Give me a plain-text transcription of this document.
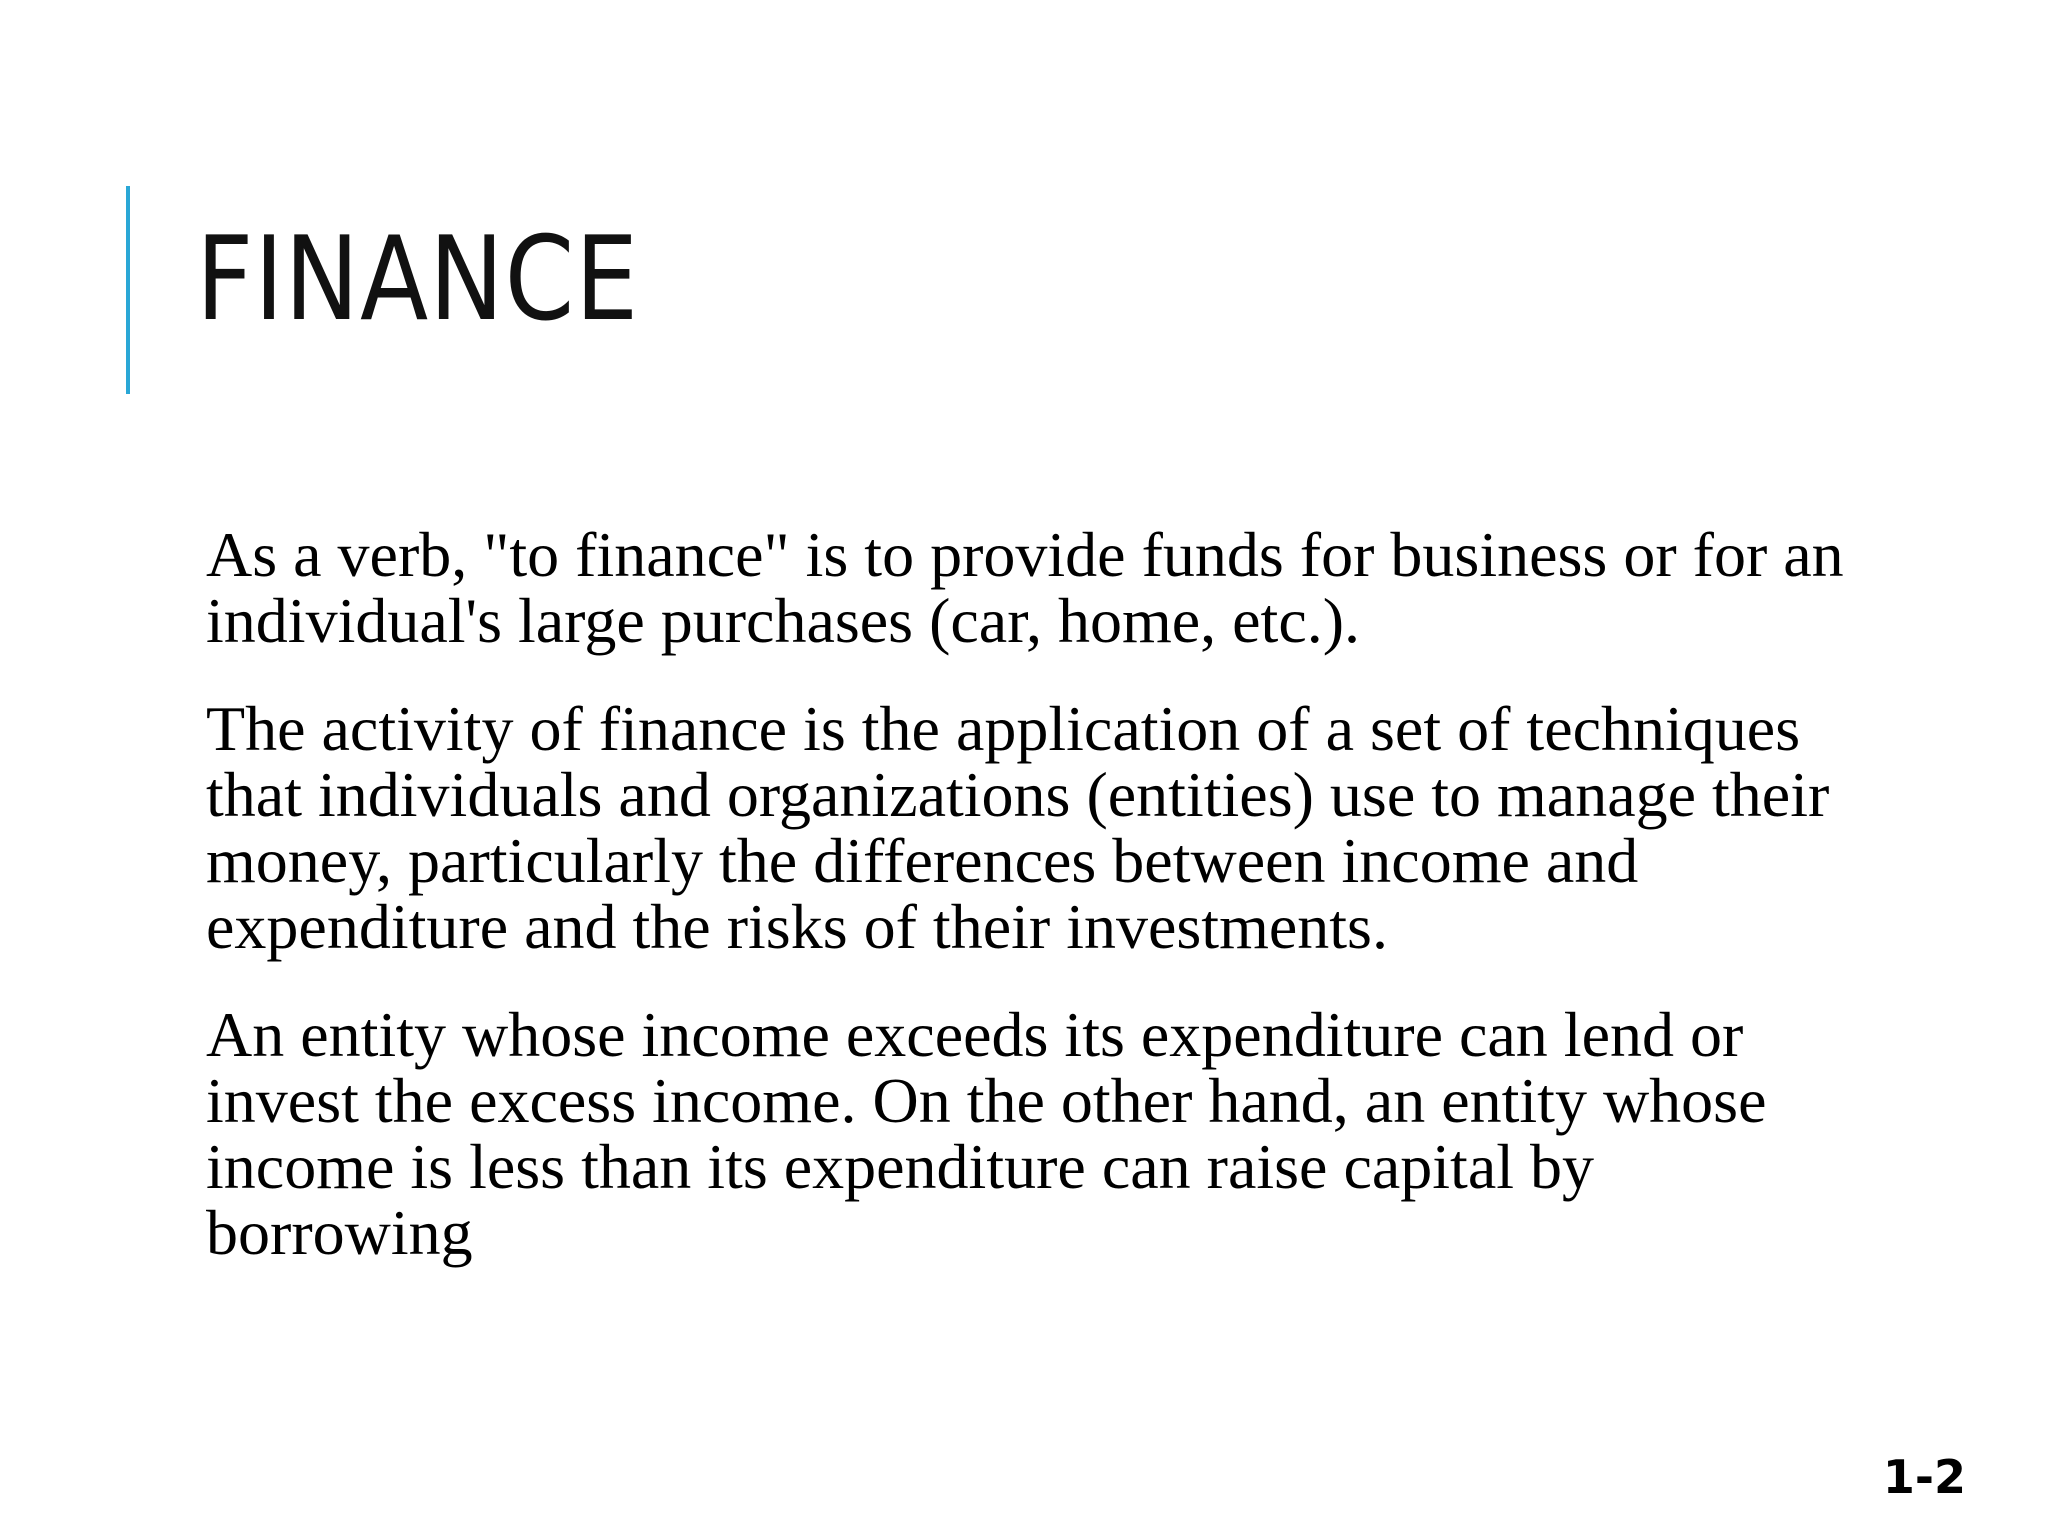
FINANCE

As a verb, "to finance" is to provide funds for business or for an individual's large purchases (car, home, etc.).

The activity of finance is the application of a set of techniques that individuals and organizations (entities) use to manage their money, particularly the differences between income and expenditure and the risks of their investments.

An entity whose income exceeds its expenditure can lend or invest the excess income. On the other hand, an entity whose income is less than its expenditure can raise capital by borrowing

1-2
